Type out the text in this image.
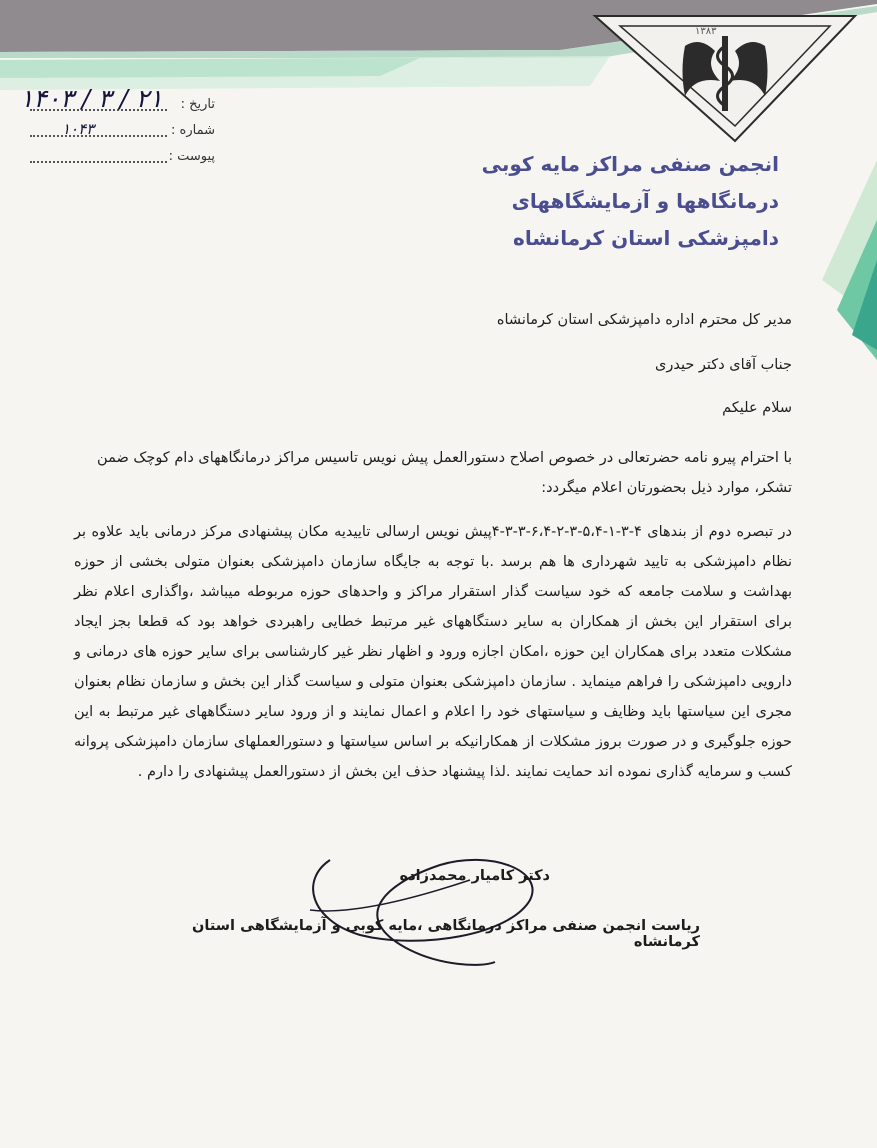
۱۳۸۳
تاریخ :
شماره :
پیوست :
۱۴۰۳ / ۳ / ۲۱
۱۰۴۳
انجمن صنفی مراکز مایه کوبی
درمانگاهها و آزمایشگاههای
دامپزشکی استان کرمانشاه
مدیر کل محترم اداره دامپزشکی استان کرمانشاه
جناب آقای دکتر حیدری
سلام علیکم
با احترام پیرو نامه حضرتعالی در خصوص اصلاح دستورالعمل پیش نویس تاسیس مراکز درمانگاههای دام کوچک ضمن تشکر، موارد ذیل بحضورتان اعلام میگردد:
در تبصره دوم از بندهای ۴-۳-۱-۵،۴-۳-۲-۶،۴-۳-۳-۴پیش نویس ارسالی تاییدیه مکان پیشنهادی مرکز درمانی باید علاوه بر نظام دامپزشکی به تایید شهرداری ها هم برسد .با توجه به جایگاه سازمان دامپزشکی بعنوان متولی بخشی از حوزه بهداشت و سلامت جامعه که خود سیاست گذار استقرار مراکز و واحدهای حوزه مربوطه میباشد ،واگذاری اعلام نظر برای استقرار این بخش از همکاران به سایر دستگاههای غیر مرتبط خطایی راهبردی خواهد بود که قطعا بجز ایجاد مشکلات متعدد برای همکاران این حوزه ،امکان اجازه ورود و اظهار نظر غیر کارشناسی برای سایر حوزه های درمانی و دارویی دامپزشکی را فراهم مینماید . سازمان دامپزشکی بعنوان متولی و سیاست گذار این بخش و سازمان نظام بعنوان مجری این سیاستها باید وظایف و سیاستهای خود را اعلام و اعمال نمایند و از ورود سایر دستگاههای غیر مرتبط به این حوزه جلوگیری و در صورت بروز مشکلات از همکارانیکه بر اساس سیاستها و دستورالعملهای سازمان دامپزشکی پروانه کسب و سرمایه گذاری نموده اند حمایت نمایند .لذا پیشنهاد حذف این بخش از دستورالعمل پیشنهادی را دارم .
دکتر کامیار محمدزاده
ریاست انجمن صنفی مراکز درمانگاهی ،مایه کوبی و آزمایشگاهی استان کرمانشاه
